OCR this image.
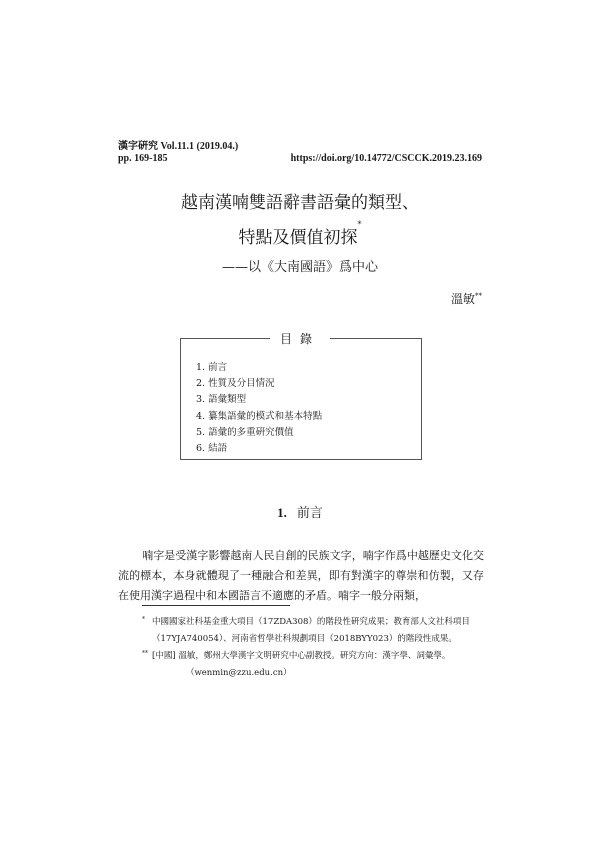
漢字硏究 Vol.11.1 (2019.04.)
pp. 169-185	https://doi.org/10.14772/CSCCK.2019.23.169
越南漢喃雙語辭書語彙的類型、
特點及價值初探*
——以《大南國語》爲中心
溫敏**
目錄
1. 前言
2. 性質及分目情況
3. 語彙類型
4. 纂集語彙的模式和基本特點
5. 語彙的多重硏究價值
6. 結語
1. 前言

喃字是受漢字影響越南人民自創的民族文字，喃字作爲中越歷史文化交流的標本，本身就體現了一種融合和差異，即有對漢字的尊崇和仿製，又存在使用漢字過程中和本國語言不適應的矛盾。喃字一般分兩類，

* 中國國家社科基金重大項目（17ZDA308）的階段性硏究成果；教育部人文社科項目（17YJA740054）、河南省哲學社科規劃項目（2018BYY023）的階段性成果。
** [中國] 溫敏，鄭州大學漢字文明硏究中心副教授。硏究方向：漢字學、詞彙學。
（wenmin@zzu.edu.cn）
